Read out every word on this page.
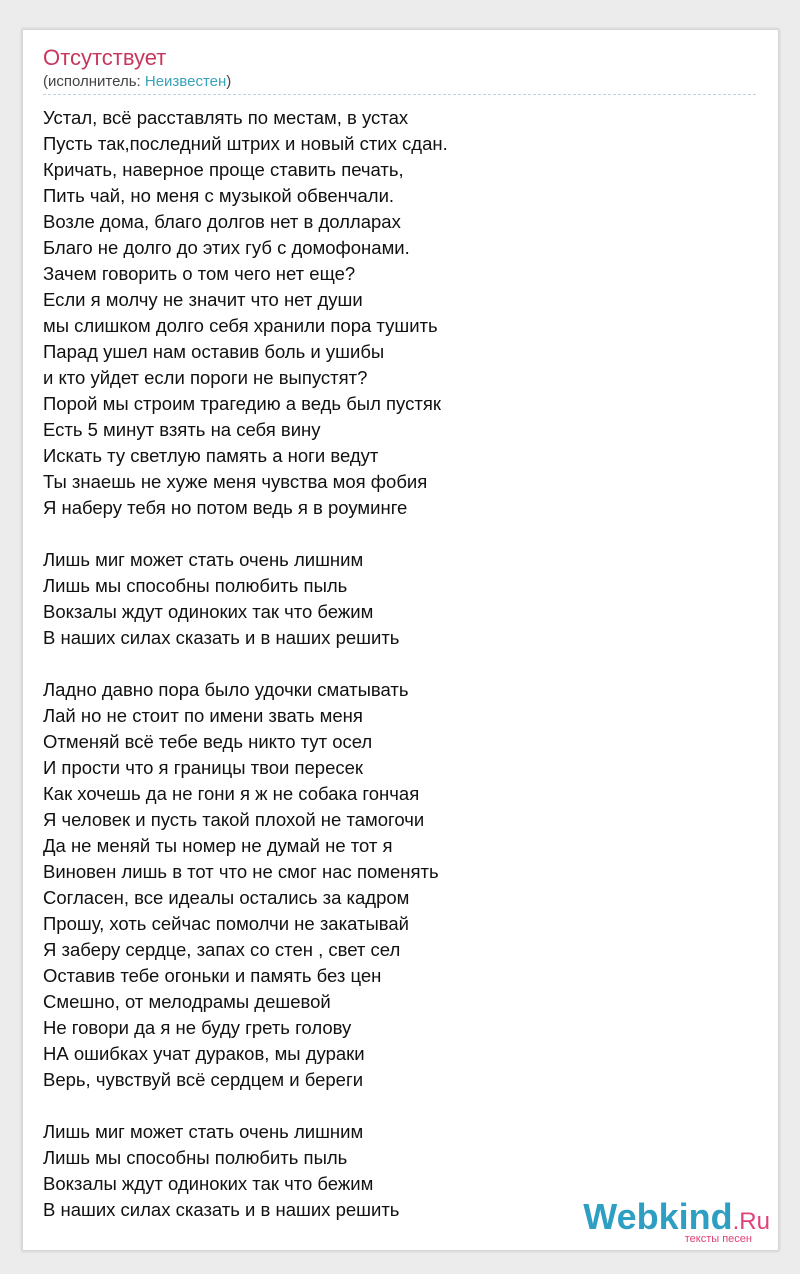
Отсутствует
(исполнитель: Неизвестен)
Устал, всё расставлять по местам, в устах
Пусть так,последний штрих и новый стих сдан.
Кричать, наверное проще ставить печать,
Пить чай, но меня с музыкой обвенчали.
Возле дома, благо долгов нет в долларах
Благо не долго до этих губ с домофонами.
Зачем говорить о том чего нет еще?
Если я молчу не значит что нет души
мы слишком долго себя хранили пора тушить
Парад ушел нам оставив боль и ушибы
и кто уйдет если пороги не выпустят?
Порой мы строим трагедию а ведь был пустяк
Есть 5 минут взять на себя вину
Искать ту светлую память а ноги ведут
Ты знаешь не хуже меня чувства моя фобия
Я наберу тебя но потом ведь я в роуминге
Лишь миг может стать очень лишним
Лишь мы способны полюбить пыль
Вокзалы ждут одиноких так что бежим
В наших силах сказать и в наших решить
Ладно давно пора было удочки сматывать
Лай но не стоит по имени звать меня
Отменяй всё тебе ведь никто тут осел
И прости что я границы твои пересек
Как хочешь да не гони я ж не собака гончая
Я человек и пусть такой плохой не тамогочи
Да не меняй ты номер не думай не тот я
Виновен лишь в тот что не смог нас поменять
Согласен, все идеалы остались за кадром
Прошу, хоть сейчас помолчи не закатывай
Я заберу сердце, запах со стен , свет сел
Оставив тебе огоньки и память без цен
Смешно, от мелодрамы дешевой
Не говори да я не буду греть голову
НА ошибках учат дураков, мы дураки
Верь, чувствуй всё сердцем и береги
Лишь миг может стать очень лишним
Лишь мы способны полюбить пыль
Вокзалы ждут одиноких так что бежим
В наших силах сказать и в наших решить	Webkind.Ru
тексты песен
